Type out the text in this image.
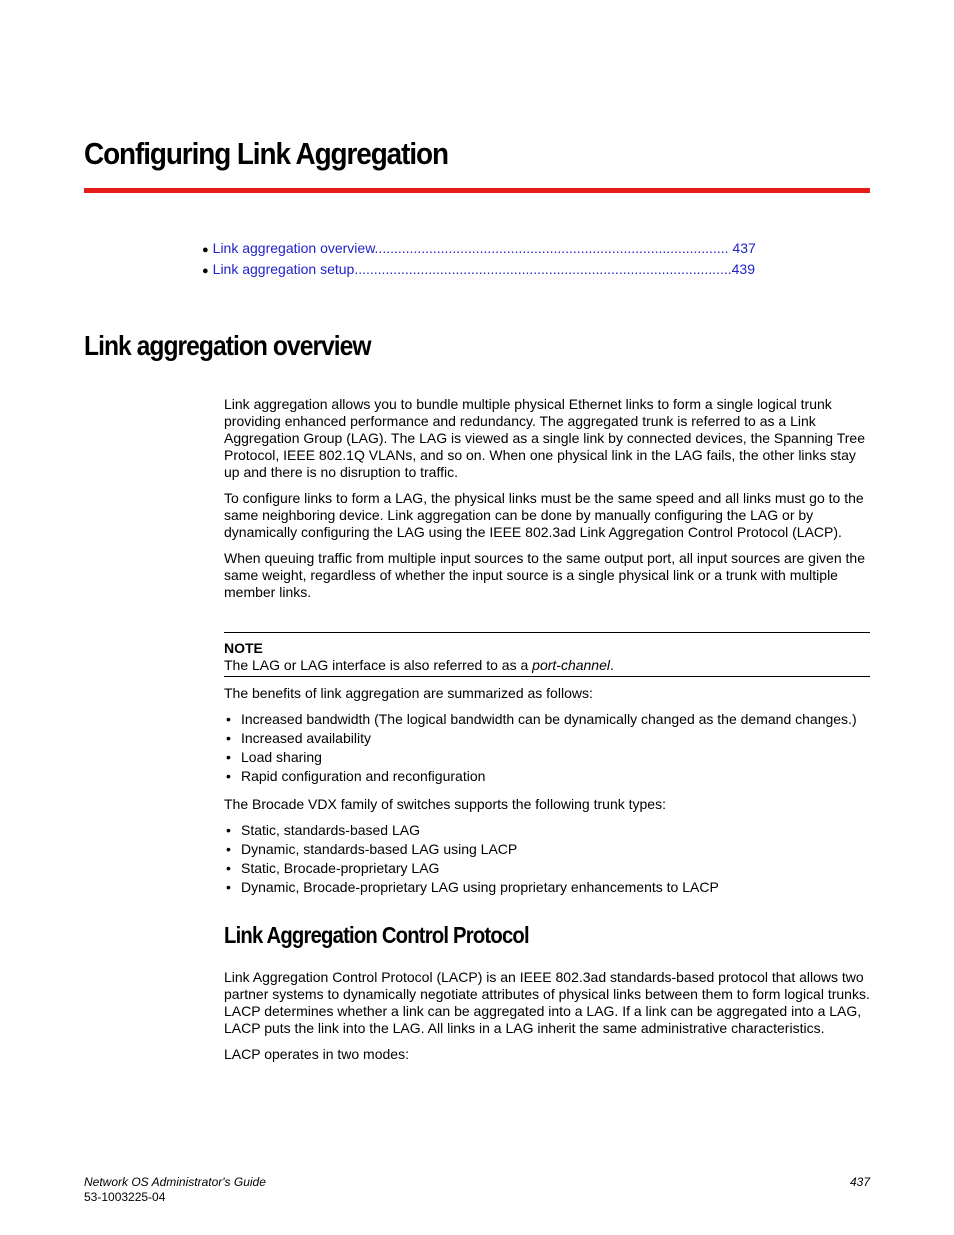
Configuring Link Aggregation
● Link aggregation overview........................................................................................... 437
● Link aggregation setup.................................................................................................439
Link aggregation overview

Link aggregation allows you to bundle multiple physical Ethernet links to form a single logical trunk providing enhanced performance and redundancy. The aggregated trunk is referred to as a Link Aggregation Group (LAG). The LAG is viewed as a single link by connected devices, the Spanning Tree Protocol, IEEE 802.1Q VLANs, and so on. When one physical link in the LAG fails, the other links stay up and there is no disruption to traffic.

To configure links to form a LAG, the physical links must be the same speed and all links must go to the same neighboring device. Link aggregation can be done by manually configuring the LAG or by dynamically configuring the LAG using the IEEE 802.3ad Link Aggregation Control Protocol (LACP).

When queuing traffic from multiple input sources to the same output port, all input sources are given the same weight, regardless of whether the input source is a single physical link or a trunk with multiple member links.

NOTE
The LAG or LAG interface is also referred to as a port-channel.

The benefits of link aggregation are summarized as follows:

• Increased bandwidth (The logical bandwidth can be dynamically changed as the demand changes.)
• Increased availability
• Load sharing
• Rapid configuration and reconfiguration

The Brocade VDX family of switches supports the following trunk types:

• Static, standards-based LAG
• Dynamic, standards-based LAG using LACP
• Static, Brocade-proprietary LAG
• Dynamic, Brocade-proprietary LAG using proprietary enhancements to LACP
Link Aggregation Control Protocol

Link Aggregation Control Protocol (LACP) is an IEEE 802.3ad standards-based protocol that allows two partner systems to dynamically negotiate attributes of physical links between them to form logical trunks. LACP determines whether a link can be aggregated into a LAG. If a link can be aggregated into a LAG, LACP puts the link into the LAG. All links in a LAG inherit the same administrative characteristics.

LACP operates in two modes:

Network OS Administrator's Guide
53-1003225-04
437
